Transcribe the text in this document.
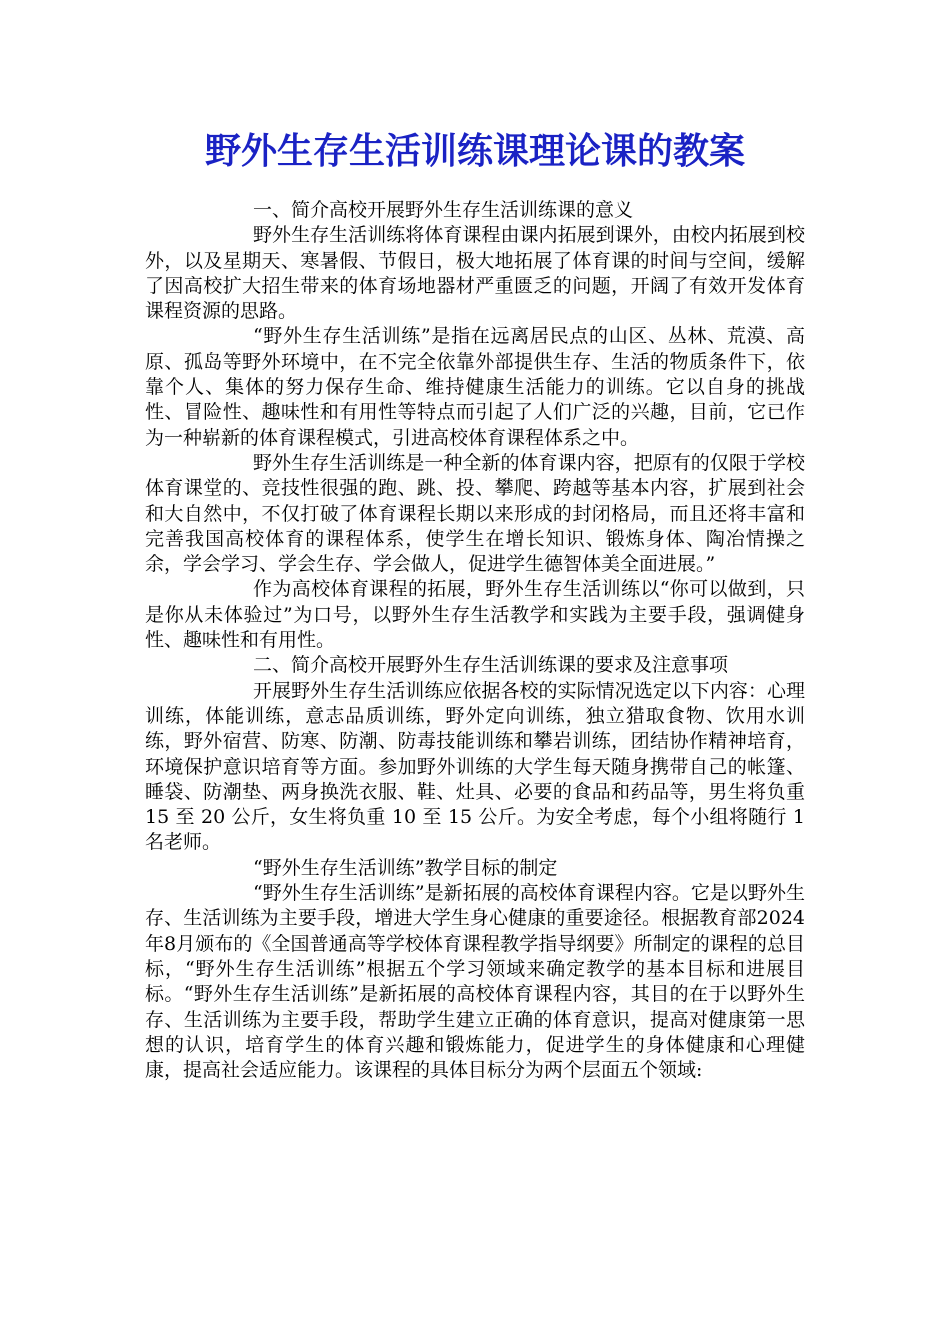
野外生存生活训练课理论课的教案

一、简介高校开展野外生存生活训练课的意义

野外生存生活训练将体育课程由课内拓展到课外，由校内拓展到校外，以及星期天、寒暑假、节假日，极大地拓展了体育课的时间与空间，缓解了因高校扩大招生带来的体育场地器材严重匮乏的问题，开阔了有效开发体育课程资源的思路。

“野外生存生活训练”是指在远离居民点的山区、丛林、荒漠、高原、孤岛等野外环境中，在不完全依靠外部提供生存、生活的物质条件下，依靠个人、集体的努力保存生命、维持健康生活能力的训练。它以自身的挑战性、冒险性、趣味性和有用性等特点而引起了人们广泛的兴趣，目前，它已作为一种崭新的体育课程模式，引进高校体育课程体系之中。

野外生存生活训练是一种全新的体育课内容，把原有的仅限于学校体育课堂的、竞技性很强的跑、跳、投、攀爬、跨越等基本内容，扩展到社会和大自然中，不仅打破了体育课程长期以来形成的封闭格局，而且还将丰富和完善我国高校体育的课程体系，使学生在增长知识、锻炼身体、陶冶情操之余，学会学习、学会生存、学会做人，促进学生德智体美全面进展。”

作为高校体育课程的拓展，野外生存生活训练以“你可以做到，只是你从未体验过”为口号，以野外生存生活教学和实践为主要手段，强调健身性、趣味性和有用性。

二、简介高校开展野外生存生活训练课的要求及注意事项

开展野外生存生活训练应依据各校的实际情况选定以下内容：心理训练，体能训练，意志品质训练，野外定向训练，独立猎取食物、饮用水训练，野外宿营、防寒、防潮、防毒技能训练和攀岩训练，团结协作精神培育，环境保护意识培育等方面。参加野外训练的大学生每天随身携带自己的帐篷、睡袋、防潮垫、两身换洗衣服、鞋、灶具、必要的食品和药品等，男生将负重 15 至 20 公斤，女生将负重 10 至 15 公斤。为安全考虑，每个小组将随行 1 名老师。

“野外生存生活训练”教学目标的制定

“野外生存生活训练”是新拓展的高校体育课程内容。它是以野外生存、生活训练为主要手段，增进大学生身心健康的重要途径。根据教育部2024年8月颁布的《全国普通高等学校体育课程教学指导纲要》所制定的课程的总目标，“野外生存生活训练”根据五个学习领域来确定教学的基本目标和进展目标。“野外生存生活训练”是新拓展的高校体育课程内容，其目的在于以野外生存、生活训练为主要手段，帮助学生建立正确的体育意识，提高对健康第一思想的认识，培育学生的体育兴趣和锻炼能力，促进学生的身体健康和心理健康，提高社会适应能力。该课程的具体目标分为两个层面五个领域:
